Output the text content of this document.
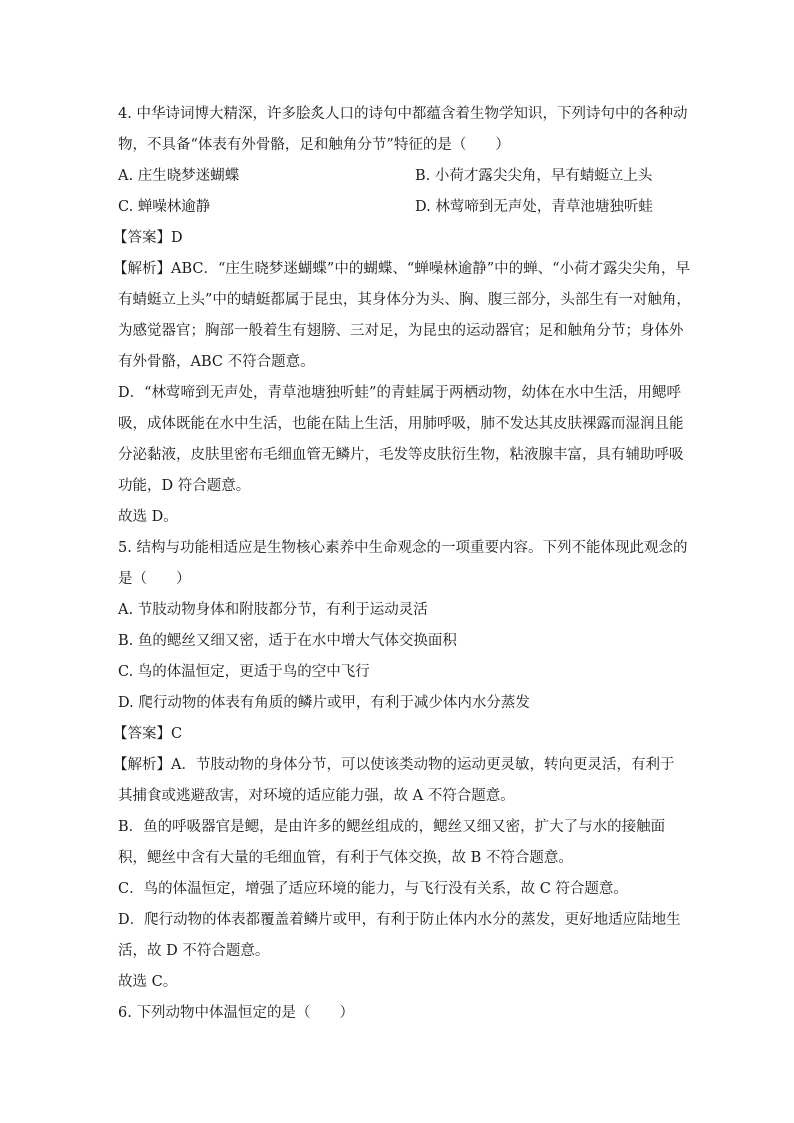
4. 中华诗词博大精深，许多脍炙人口的诗句中都蕴含着生物学知识，下列诗句中的各种动
物，不具备“体表有外骨骼，足和触角分节”特征的是（　　）
A. 庄生晓梦迷蝴蝶	B. 小荷才露尖尖角，早有蜻蜓立上头
C. 蝉噪林逾静	D. 林莺啼到无声处，青草池塘独听蛙
【答案】D
【解析】ABC．“庄生晓梦迷蝴蝶”中的蝴蝶、“蝉噪林逾静”中的蝉、“小荷才露尖尖角，早
有蜻蜓立上头”中的蜻蜓都属于昆虫，其身体分为头、胸、腹三部分，头部生有一对触角，
为感觉器官；胸部一般着生有翅膀、三对足，为昆虫的运动器官；足和触角分节；身体外
有外骨骼，ABC 不符合题意。
D．“林莺啼到无声处，青草池塘独听蛙”的青蛙属于两栖动物，幼体在水中生活，用鳃呼
吸，成体既能在水中生活，也能在陆上生活，用肺呼吸，肺不发达其皮肤裸露而湿润且能
分泌黏液，皮肤里密布毛细血管无鳞片，毛发等皮肤衍生物，粘液腺丰富，具有辅助呼吸
功能，D 符合题意。
故选 D。
5. 结构与功能相适应是生物核心素养中生命观念的一项重要内容。下列不能体现此观念的
是（　　）
A. 节肢动物身体和附肢都分节，有利于运动灵活
B. 鱼的鳃丝又细又密，适于在水中增大气体交换面积
C. 鸟的体温恒定，更适于鸟的空中飞行
D. 爬行动物的体表有角质的鳞片或甲，有利于减少体内水分蒸发
【答案】C
【解析】A．节肢动物的身体分节，可以使该类动物的运动更灵敏，转向更灵活，有利于
其捕食或逃避敌害，对环境的适应能力强，故 A 不符合题意。
B．鱼的呼吸器官是鳃，是由许多的鳃丝组成的，鳃丝又细又密，扩大了与水的接触面
积，鳃丝中含有大量的毛细血管，有利于气体交换，故 B 不符合题意。
C．鸟的体温恒定，增强了适应环境的能力，与飞行没有关系，故 C 符合题意。
D．爬行动物的体表都覆盖着鳞片或甲，有利于防止体内水分的蒸发，更好地适应陆地生
活，故 D 不符合题意。
故选 C。
6. 下列动物中体温恒定的是（　　）
